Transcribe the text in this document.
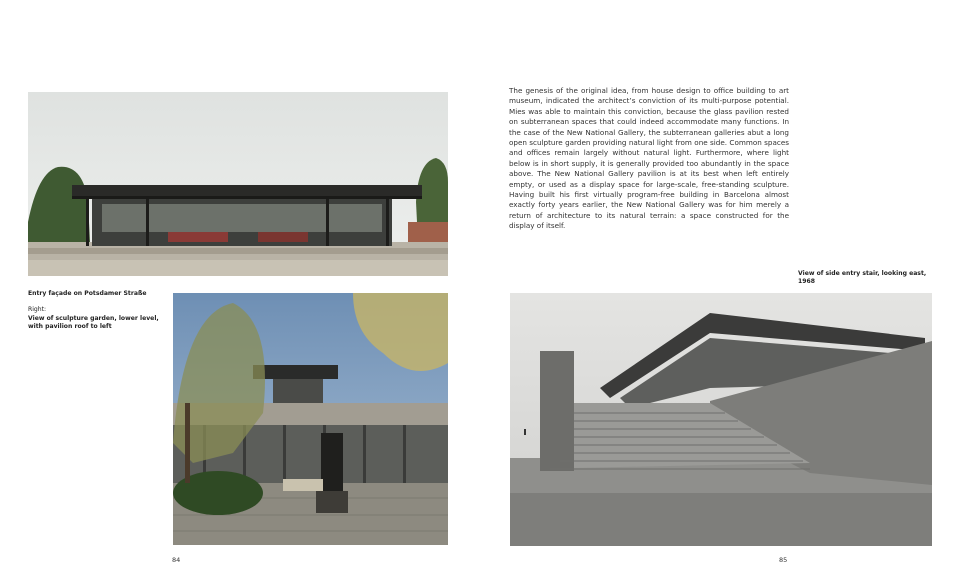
The genesis of the original idea, from house design to office building to art museum, indicated the architect’s conviction of its multi-purpose potential. Mies was able to maintain this conviction, because the glass pavilion rested on subterranean spaces that could indeed accommodate many functions. In the case of the New National Gallery, the subterranean galleries abut a long open sculpture garden providing natural light from one side. Common spaces and offices remain largely without natural light. Furthermore, where light below is in short supply, it is generally provided too abundantly in the space above. The New National Gallery pavilion is at its best when left entirely empty, or used as a display space for large-scale, free-standing sculpture. Having built his first virtually program-free building in Barcelona almost exactly forty years earlier, the New National Gallery was for him merely a return of architecture to its natural terrain: a space constructed for the display of itself.

View of side entry stair, looking east, 1968
Entry façade on Potsdamer Straße
Right:
View of sculpture garden, lower level, with pavilion roof to left
84	85
